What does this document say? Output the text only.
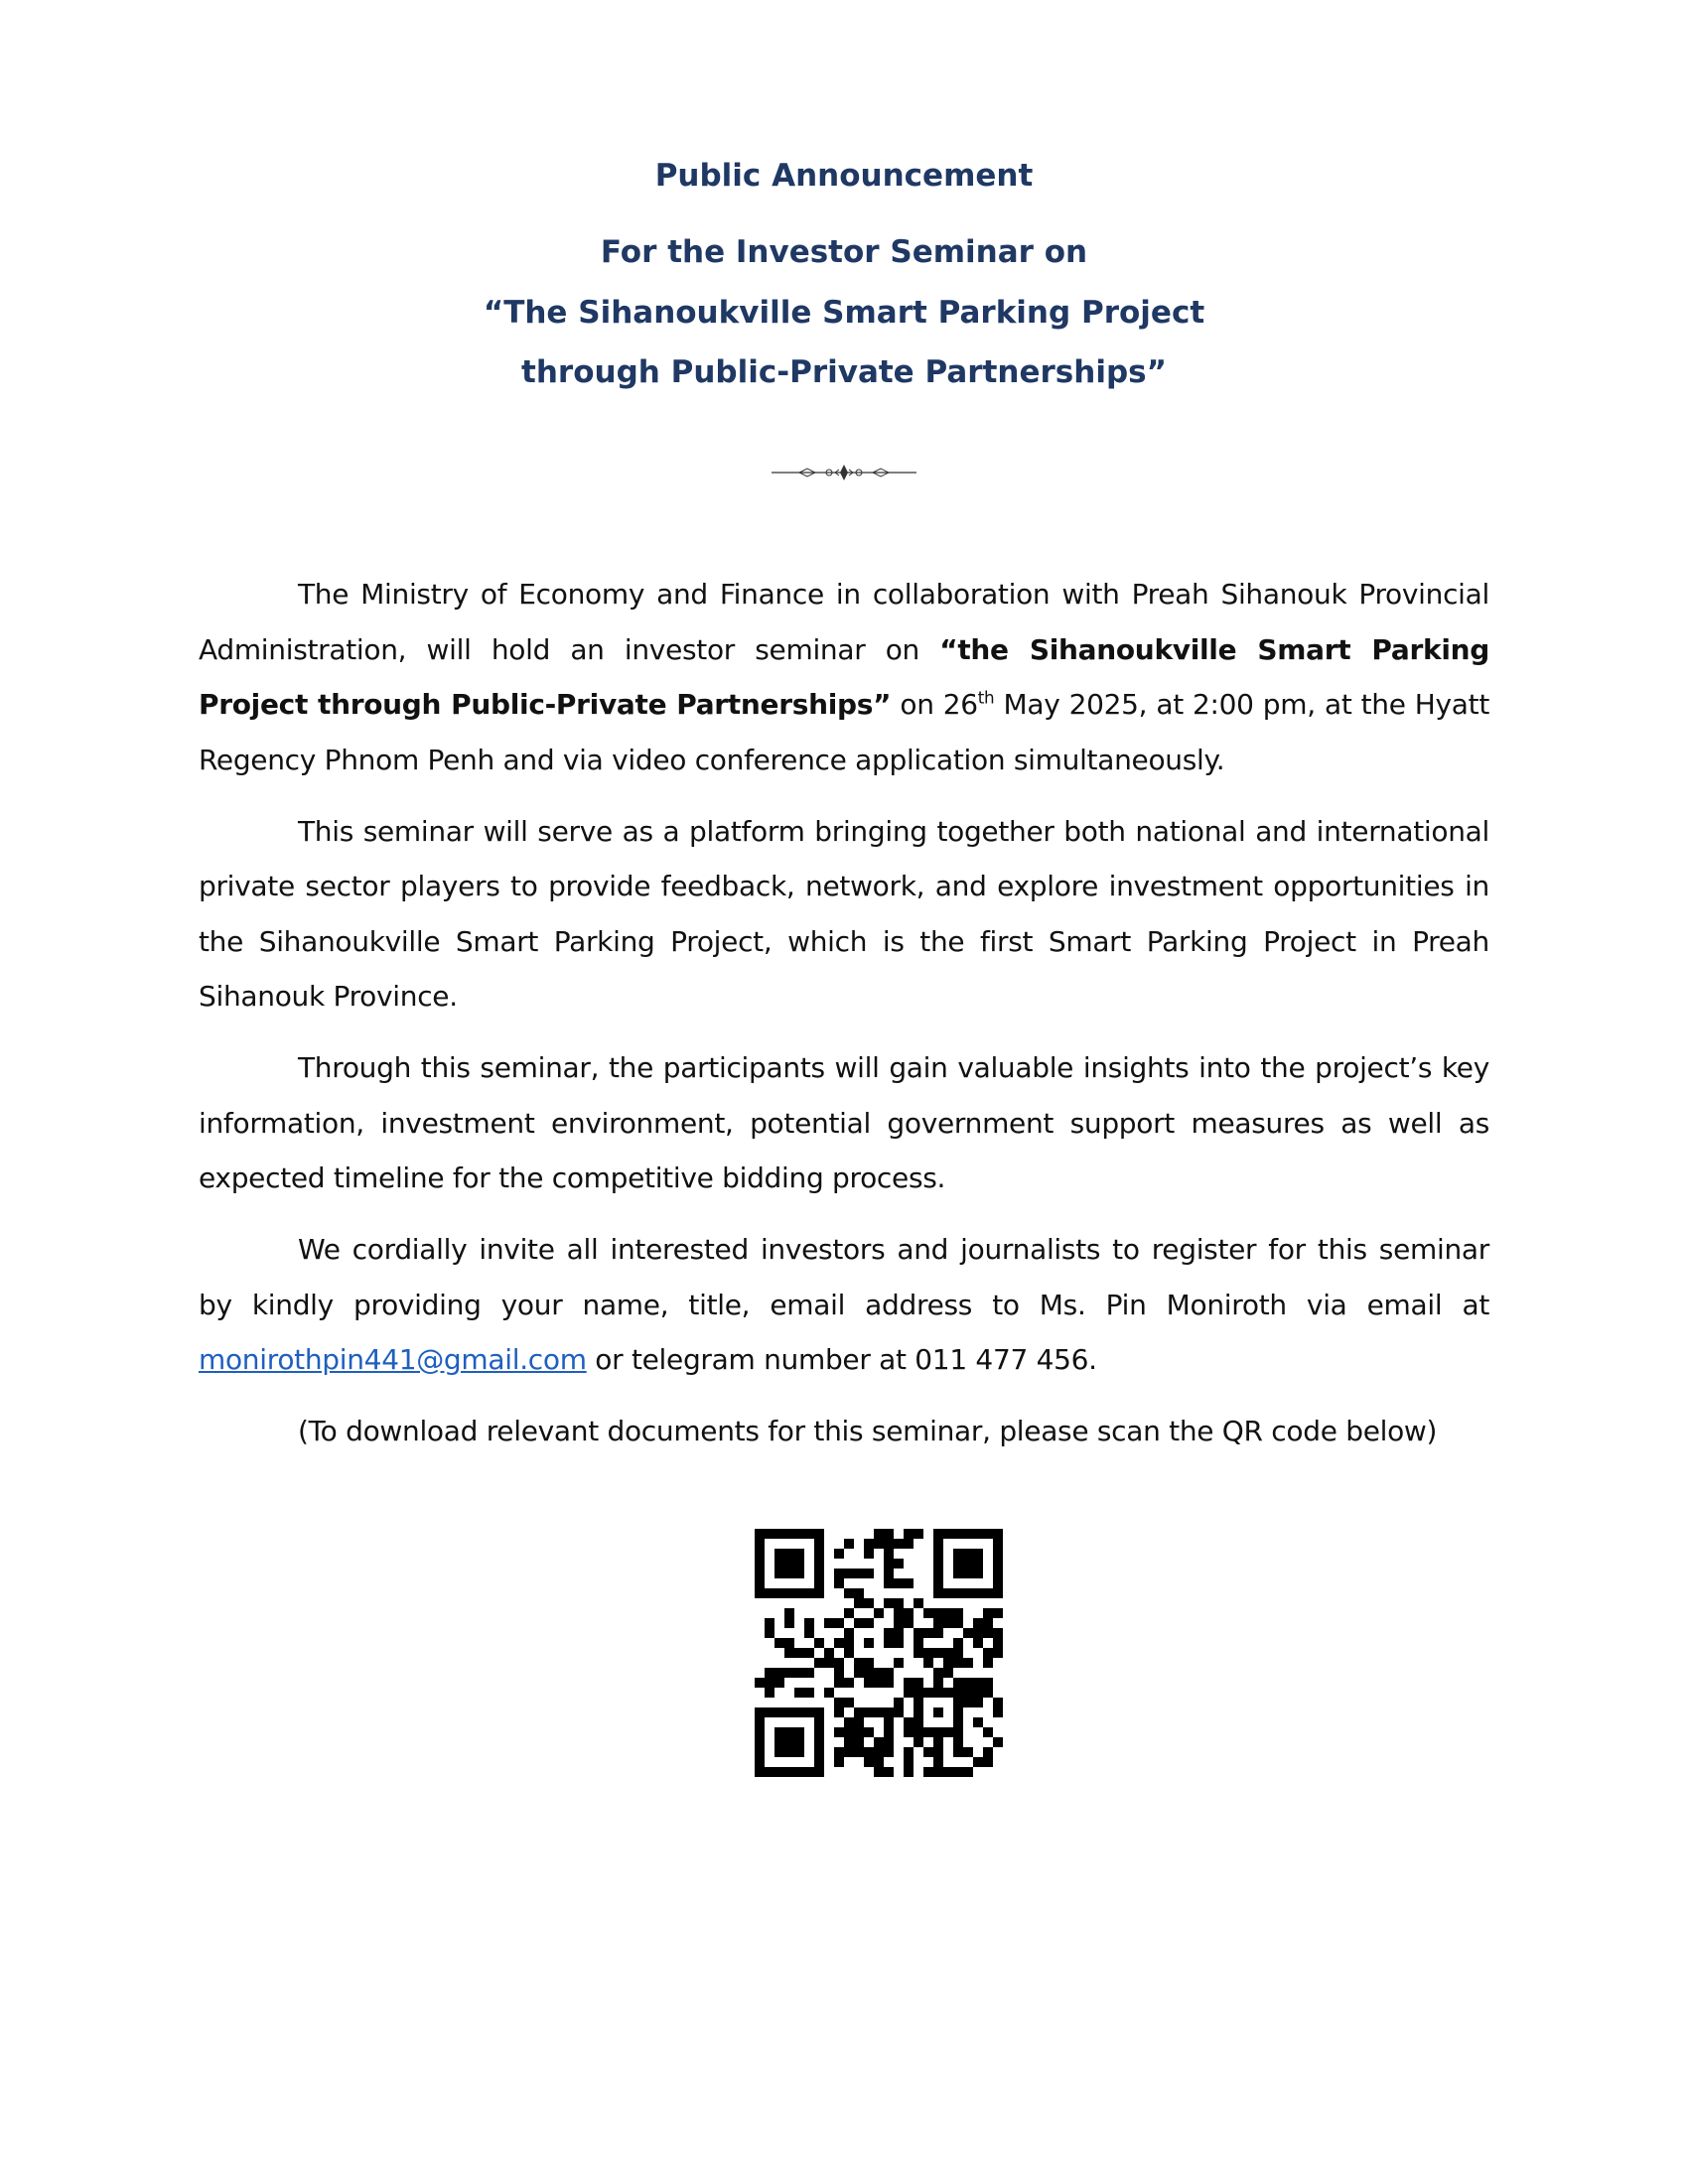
Public Announcement
For the Investor Seminar on
“The Sihanoukville Smart Parking Project
through Public-Private Partnerships”

The Ministry of Economy and Finance in collaboration with Preah Sihanouk Provincial Administration, will hold an investor seminar on “the Sihanoukville Smart Parking Project through Public-Private Partnerships” on 26th May 2025, at 2:00 pm, at the Hyatt Regency Phnom Penh and via video conference application simultaneously.

This seminar will serve as a platform bringing together both national and international private sector players to provide feedback, network, and explore investment opportunities in the Sihanoukville Smart Parking Project, which is the first Smart Parking Project in Preah Sihanouk Province.

Through this seminar, the participants will gain valuable insights into the project’s key information, investment environment, potential government support measures as well as expected timeline for the competitive bidding process.

We cordially invite all interested investors and journalists to register for this seminar by kindly providing your name, title, email address to Ms. Pin Moniroth via email at monirothpin441@gmail.com or telegram number at 011 477 456.

(To download relevant documents for this seminar, please scan the QR code below)
